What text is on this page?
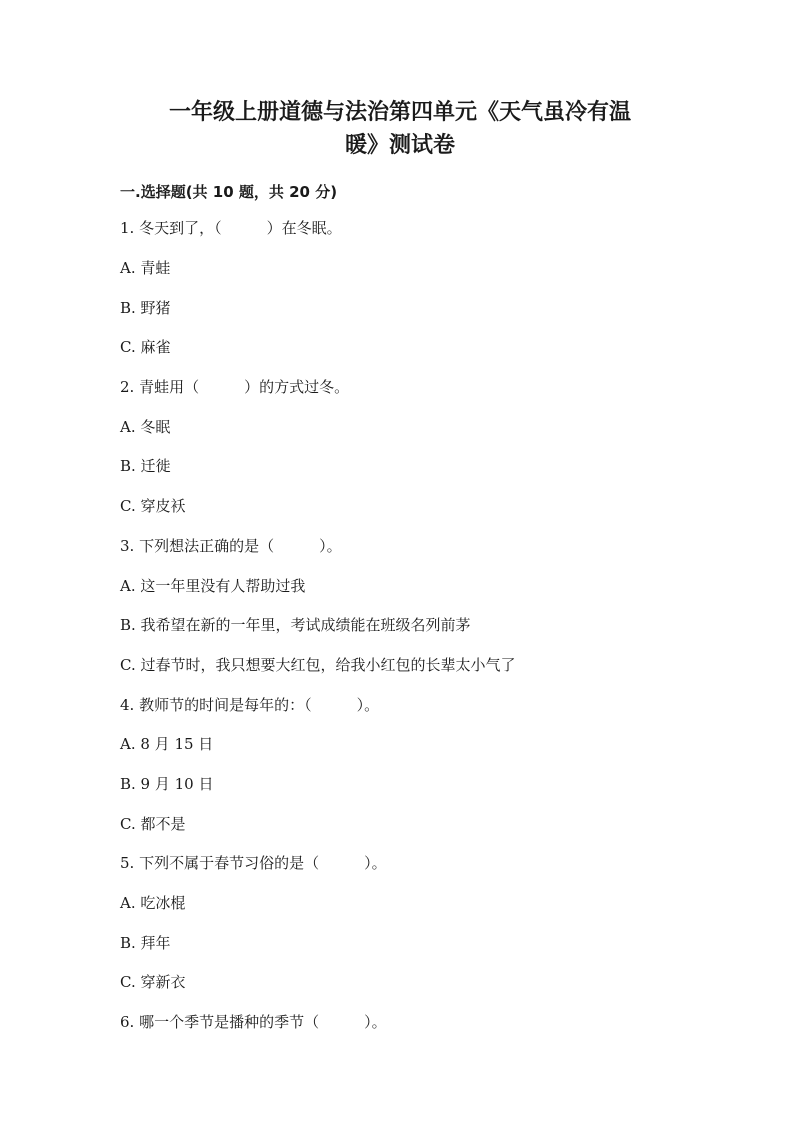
一年级上册道德与法治第四单元《天气虽冷有温
暖》测试卷
一.选择题(共 10 题，共 20 分)

1. 冬天到了，（　　　）在冬眠。

A. 青蛙

B. 野猪

C. 麻雀

2. 青蛙用（　　　）的方式过冬。

A. 冬眠

B. 迁徙

C. 穿皮袄

3. 下列想法正确的是（　　　）。

A. 这一年里没有人帮助过我

B. 我希望在新的一年里，考试成绩能在班级名列前茅

C. 过春节时，我只想要大红包，给我小红包的长辈太小气了

4. 教师节的时间是每年的：（　　　）。

A. 8 月 15 日

B. 9 月 10 日

C. 都不是

5. 下列不属于春节习俗的是（　　　）。

A. 吃冰棍

B. 拜年

C. 穿新衣

6. 哪一个季节是播种的季节（　　　）。
